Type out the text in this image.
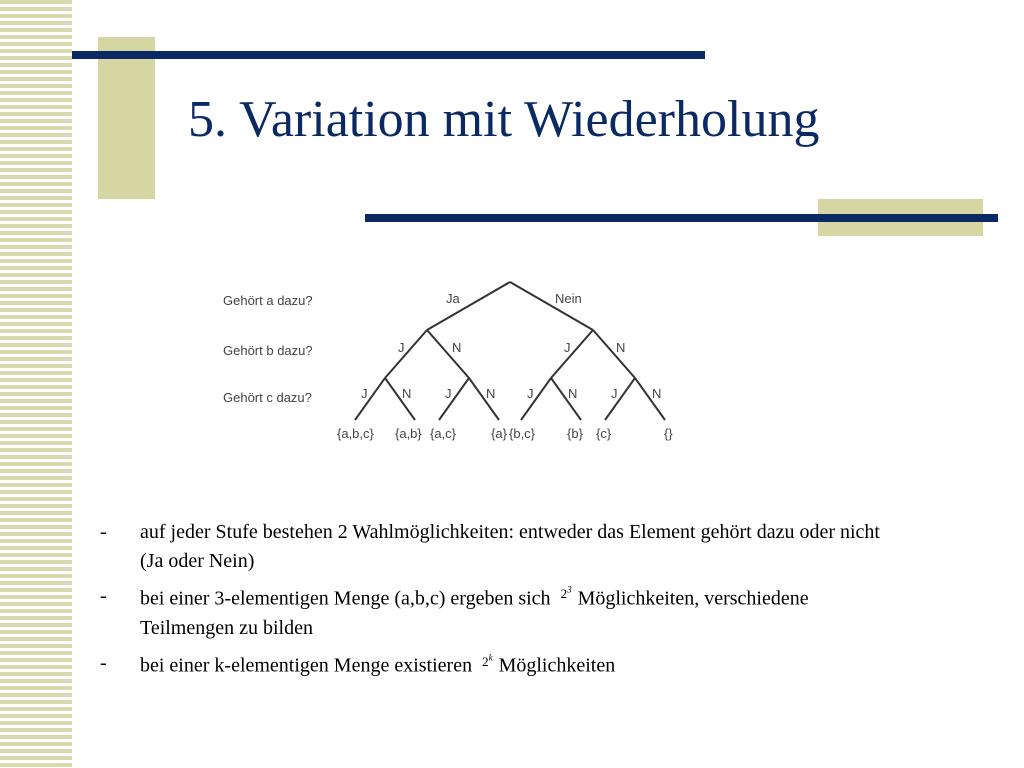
5. Variation mit Wiederholung
Gehört a dazu?
Gehört b dazu?
Gehört c dazu?
Ja	Nein
J	N	J	N
J	N	J	N J	N	J	N
{a,b,c} {a,b} {a,c}	{a} {b,c} {b} {c}	{}
- auf jeder Stufe bestehen 2 Wahlmöglichkeiten: entweder das Element gehört dazu oder nicht (Ja oder Nein)
- bei einer 3-elementigen Menge (a,b,c) ergeben sich $^{2^3}$ Möglichkeiten, verschiedene Teilmengen zu bilden
- bei einer k-elementigen Menge existieren $^{2^k}$ Möglichkeiten
